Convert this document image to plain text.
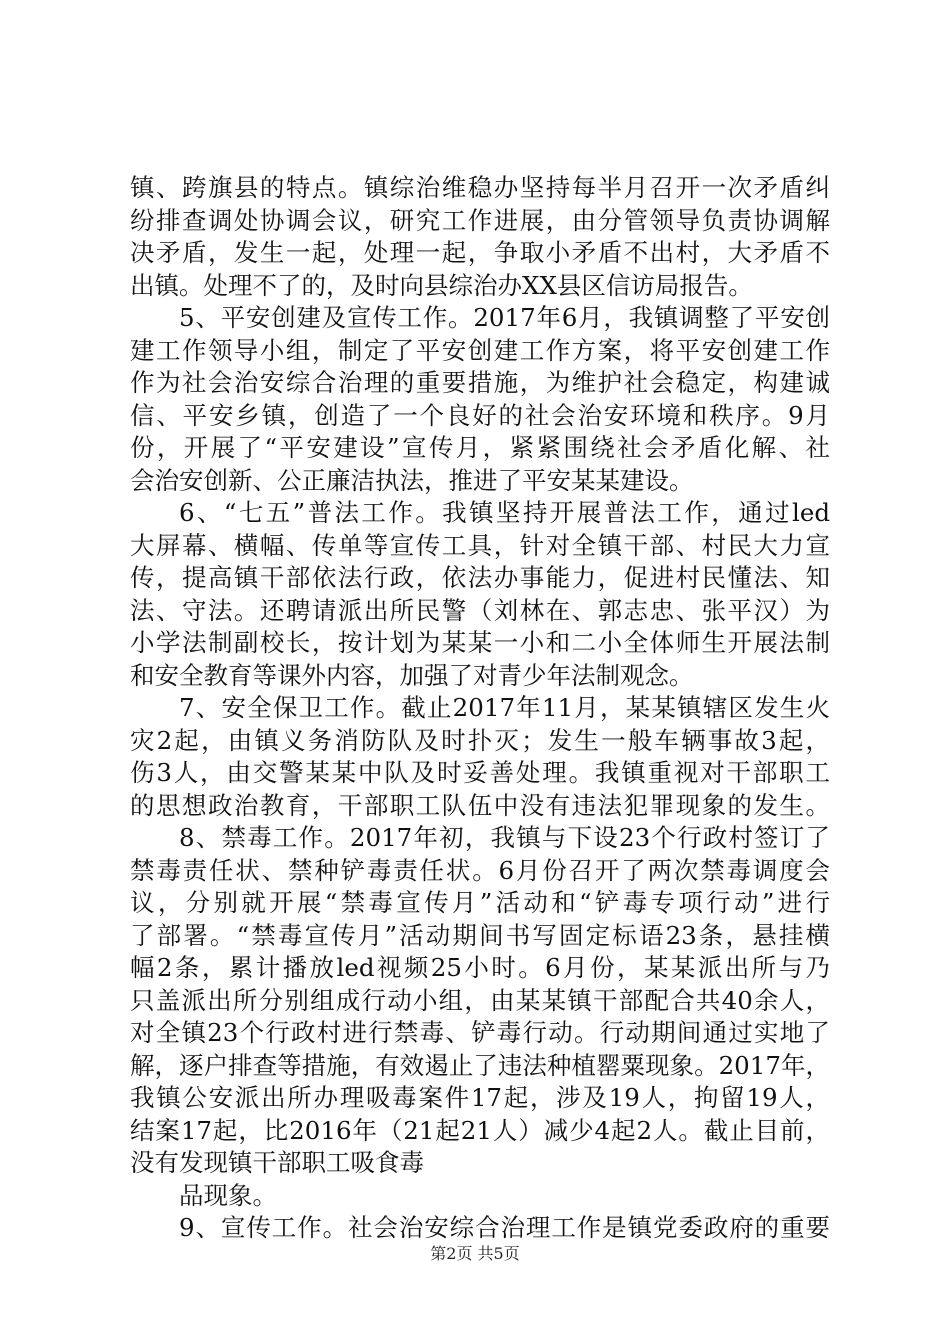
镇、跨旗县的特点。镇综治维稳办坚持每半月召开一次矛盾纠
纷排查调处协调会议，研究工作进展，由分管领导负责协调解
决矛盾，发生一起，处理一起，争取小矛盾不出村，大矛盾不
出镇。处理不了的，及时向县综治办XX县区信访局报告。
5、平安创建及宣传工作。2017年6月，我镇调整了平安创
建工作领导小组，制定了平安创建工作方案，将平安创建工作
作为社会治安综合治理的重要措施，为维护社会稳定，构建诚
信、平安乡镇，创造了一个良好的社会治安环境和秩序。9月
份，开展了“平安建设”宣传月，紧紧围绕社会矛盾化解、社
会治安创新、公正廉洁执法，推进了平安某某建设。
6、“七五”普法工作。我镇坚持开展普法工作，通过led
大屏幕、横幅、传单等宣传工具，针对全镇干部、村民大力宣
传，提高镇干部依法行政，依法办事能力，促进村民懂法、知
法、守法。还聘请派出所民警（刘林在、郭志忠、张平汉）为
小学法制副校长，按计划为某某一小和二小全体师生开展法制
和安全教育等课外内容，加强了对青少年法制观念。
7、安全保卫工作。截止2017年11月，某某镇辖区发生火
灾2起，由镇义务消防队及时扑灭；发生一般车辆事故3起，
伤3人，由交警某某中队及时妥善处理。我镇重视对干部职工
的思想政治教育，干部职工队伍中没有违法犯罪现象的发生。
8、禁毒工作。2017年初，我镇与下设23个行政村签订了
禁毒责任状、禁种铲毒责任状。6月份召开了两次禁毒调度会
议，分别就开展“禁毒宣传月”活动和“铲毒专项行动”进行
了部署。“禁毒宣传月”活动期间书写固定标语23条，悬挂横
幅2条，累计播放led视频25小时。6月份，某某派出所与乃
只盖派出所分别组成行动小组，由某某镇干部配合共40余人，
对全镇23个行政村进行禁毒、铲毒行动。行动期间通过实地了
解，逐户排查等措施，有效遏止了违法种植罂粟现象。2017年，
我镇公安派出所办理吸毒案件17起，涉及19人，拘留19人，
结案17起，比2016年（21起21人）减少4起2人。截止目前，
没有发现镇干部职工吸食毒
品现象。
9、宣传工作。社会治安综合治理工作是镇党委政府的重要
第2页 共5页
